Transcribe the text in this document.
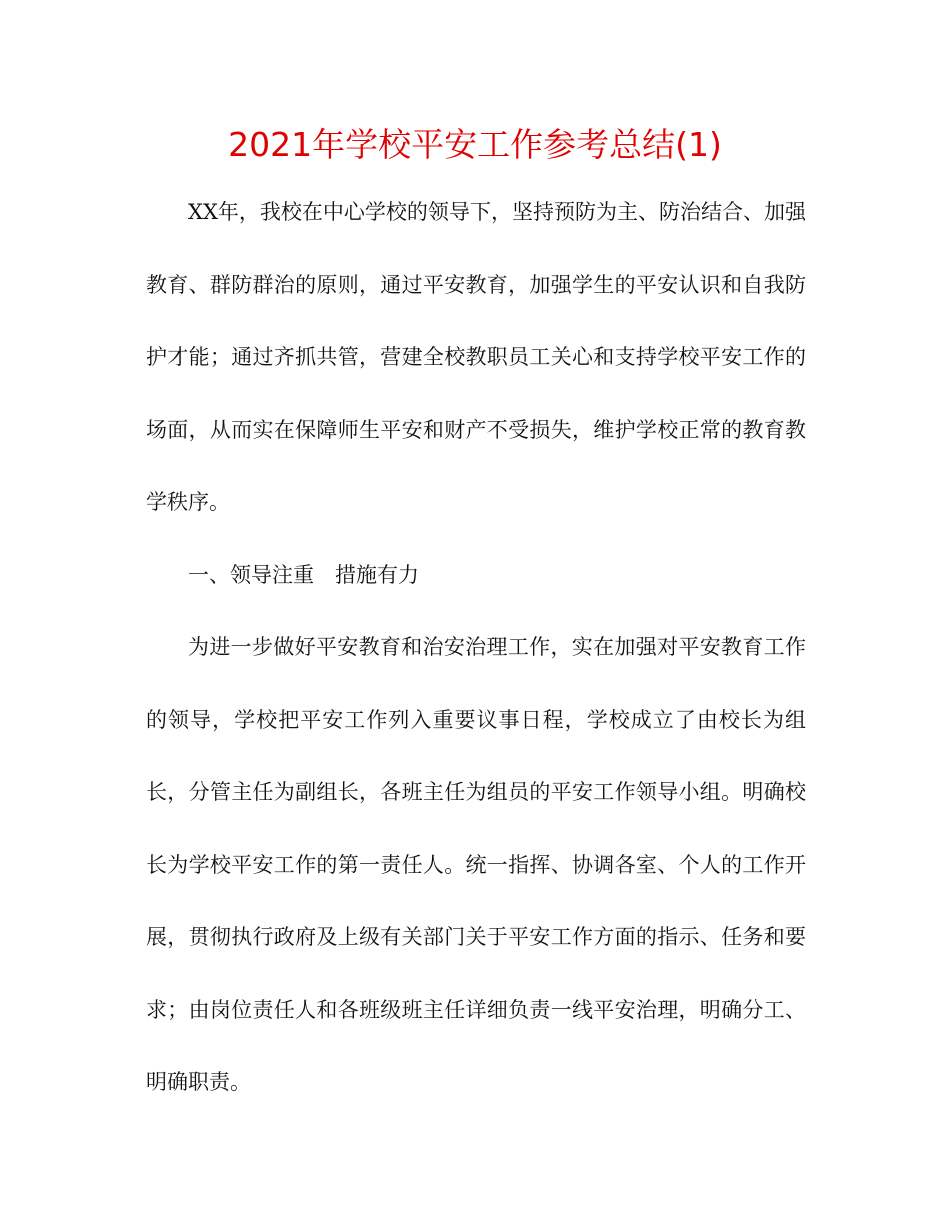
2021年学校平安工作参考总结(1)

XX年，我校在中心学校的领导下，坚持预防为主、防治结合、加强教育、群防群治的原则，通过平安教育，加强学生的平安认识和自我防护才能；通过齐抓共管，营建全校教职员工关心和支持学校平安工作的场面，从而实在保障师生平安和财产不受损失，维护学校正常的教育教学秩序。

一、领导注重　措施有力

为进一步做好平安教育和治安治理工作，实在加强对平安教育工作的领导，学校把平安工作列入重要议事日程，学校成立了由校长为组长，分管主任为副组长，各班主任为组员的平安工作领导小组。明确校长为学校平安工作的第一责任人。统一指挥、协调各室、个人的工作开展，贯彻执行政府及上级有关部门关于平安工作方面的指示、任务和要求；由岗位责任人和各班级班主任详细负责一线平安治理，明确分工、明确职责。
